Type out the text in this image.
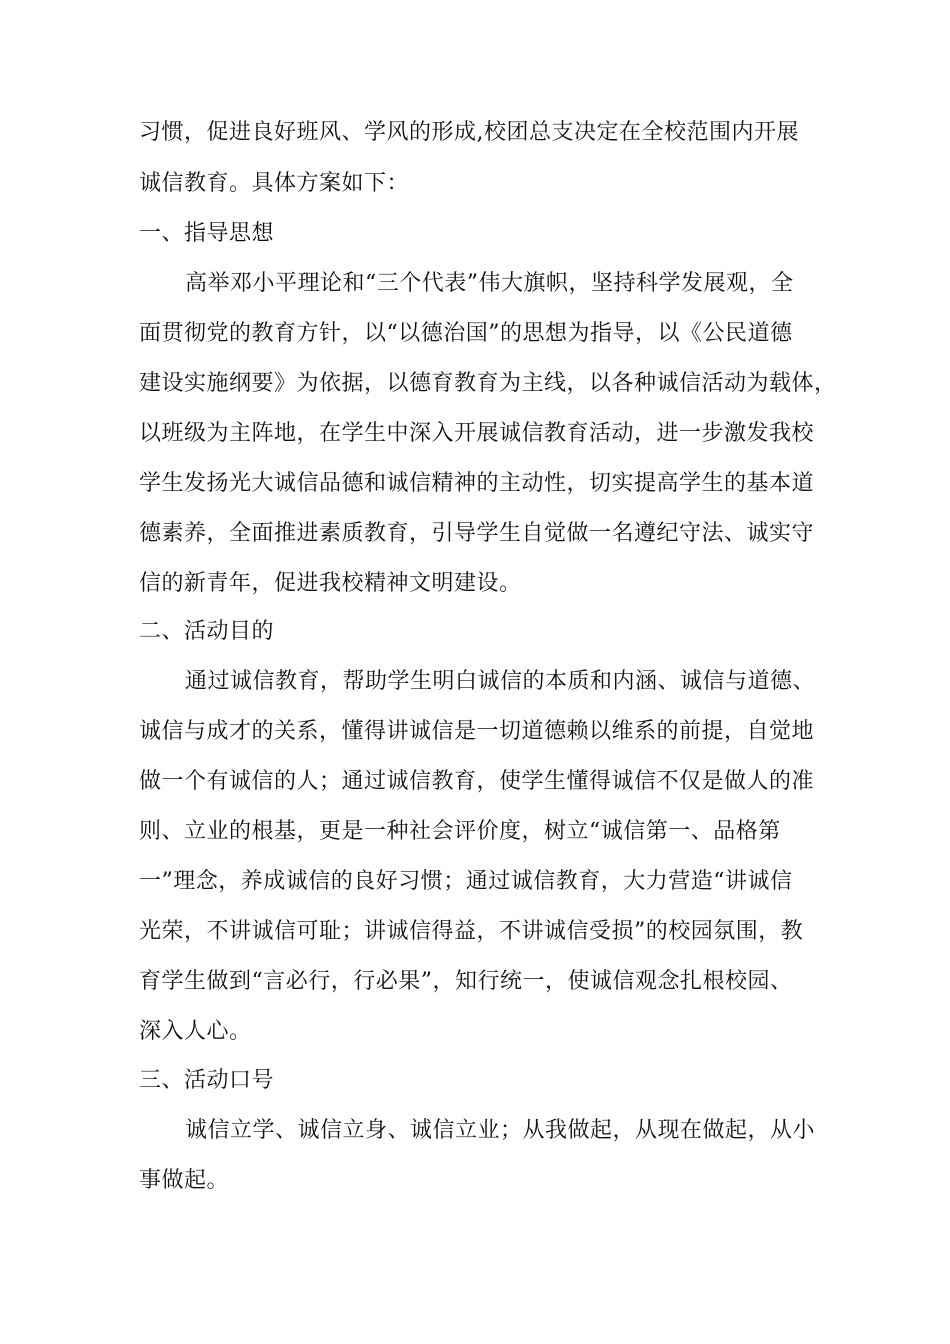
习惯，促进良好班风、学风的形成,校团总支决定在全校范围内开展
诚信教育。具体方案如下：
一、指导思想
高举邓小平理论和“三个代表”伟大旗帜，坚持科学发展观，全
面贯彻党的教育方针，以“以德治国”的思想为指导，以《公民道德
建设实施纲要》为依据，以德育教育为主线，以各种诚信活动为载体，
以班级为主阵地，在学生中深入开展诚信教育活动，进一步激发我校
学生发扬光大诚信品德和诚信精神的主动性，切实提高学生的基本道
德素养，全面推进素质教育，引导学生自觉做一名遵纪守法、诚实守
信的新青年，促进我校精神文明建设。
二、活动目的
通过诚信教育，帮助学生明白诚信的本质和内涵、诚信与道德、
诚信与成才的关系，懂得讲诚信是一切道德赖以维系的前提，自觉地
做一个有诚信的人；通过诚信教育，使学生懂得诚信不仅是做人的准
则、立业的根基，更是一种社会评价度，树立“诚信第一、品格第
一”理念，养成诚信的良好习惯；通过诚信教育，大力营造“讲诚信
光荣，不讲诚信可耻；讲诚信得益，不讲诚信受损”的校园氛围，教
育学生做到“言必行，行必果”，知行统一，使诚信观念扎根校园、
深入人心。
三、活动口号
诚信立学、诚信立身、诚信立业；从我做起，从现在做起，从小
事做起。
